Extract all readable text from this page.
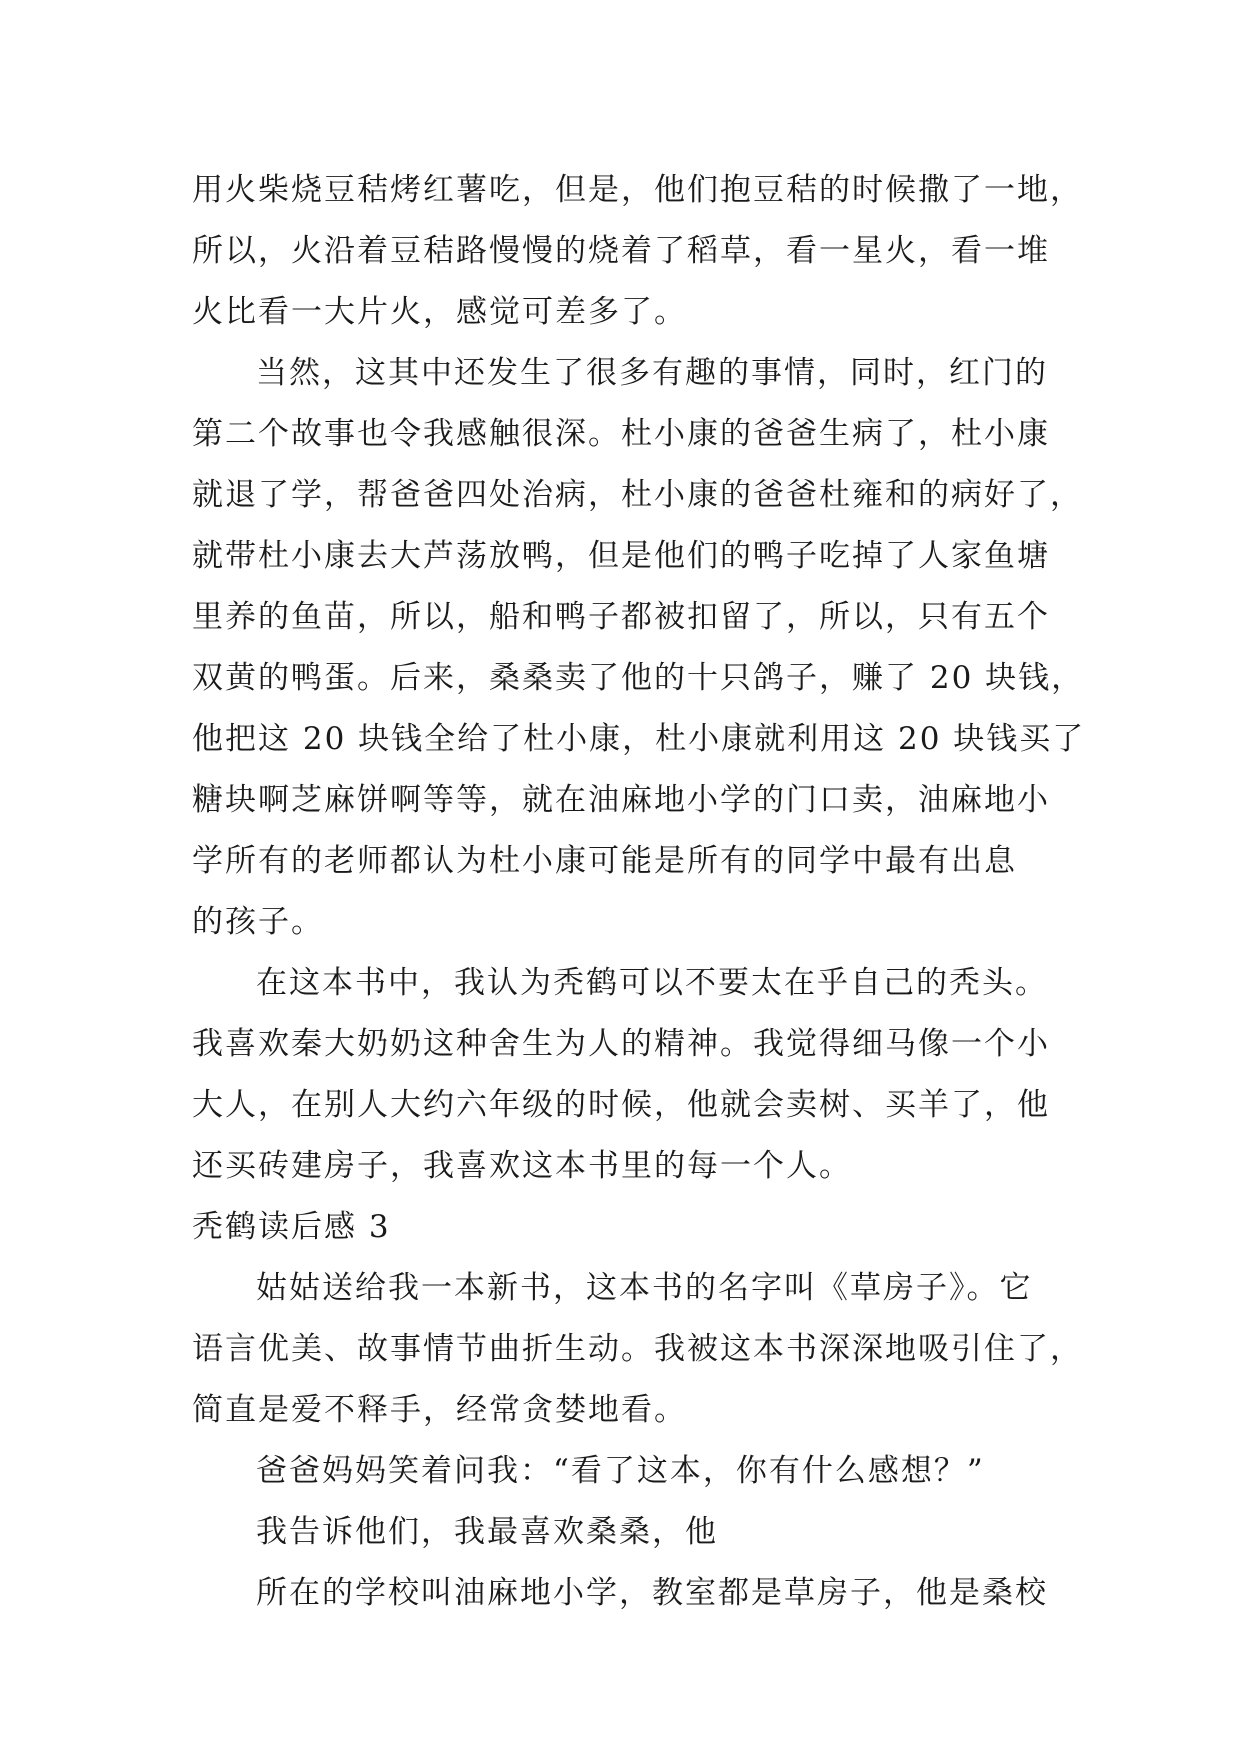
用火柴烧豆秸烤红薯吃，但是，他们抱豆秸的时候撒了一地，
所以，火沿着豆秸路慢慢的烧着了稻草，看一星火，看一堆
火比看一大片火，感觉可差多了。
当然，这其中还发生了很多有趣的事情，同时，红门的
第二个故事也令我感触很深。杜小康的爸爸生病了，杜小康
就退了学，帮爸爸四处治病，杜小康的爸爸杜雍和的病好了，
就带杜小康去大芦荡放鸭，但是他们的鸭子吃掉了人家鱼塘
里养的鱼苗，所以，船和鸭子都被扣留了，所以，只有五个
双黄的鸭蛋。后来，桑桑卖了他的十只鸽子，赚了 20 块钱，
他把这 20 块钱全给了杜小康，杜小康就利用这 20 块钱买了
糖块啊芝麻饼啊等等，就在油麻地小学的门口卖，油麻地小
学所有的老师都认为杜小康可能是所有的同学中最有出息
的孩子。
在这本书中，我认为秃鹤可以不要太在乎自己的秃头。
我喜欢秦大奶奶这种舍生为人的精神。我觉得细马像一个小
大人，在别人大约六年级的时候，他就会卖树、买羊了，他
还买砖建房子，我喜欢这本书里的每一个人。
秃鹤读后感 3
姑姑送给我一本新书，这本书的名字叫《草房子》。它
语言优美、故事情节曲折生动。我被这本书深深地吸引住了，
简直是爱不释手，经常贪婪地看。
爸爸妈妈笑着问我：“看了这本，你有什么感想？”
我告诉他们，我最喜欢桑桑，他
所在的学校叫油麻地小学，教室都是草房子，他是桑校
